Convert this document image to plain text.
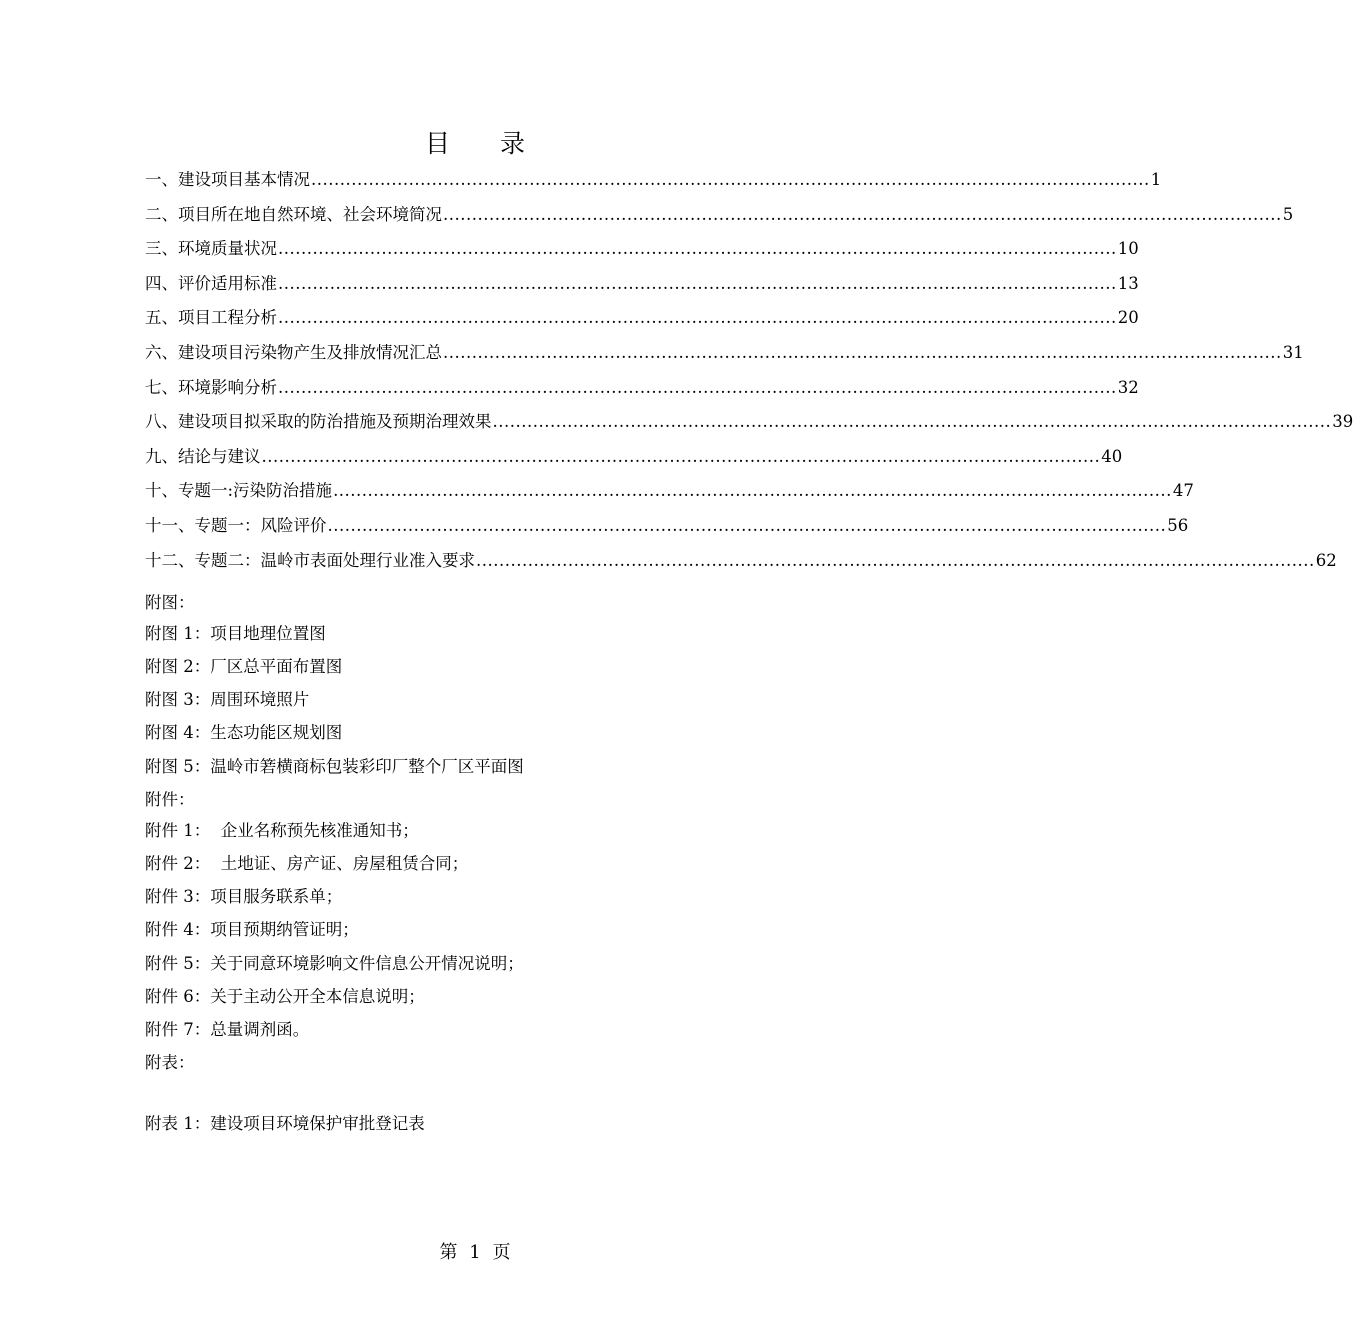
目 录
一、建设项目基本情况 .................................................................................................................................................. 1
二、项目所在地自然环境、社会环境简况 .................................................................................................................................................. 5
三、环境质量状况 .................................................................................................................................................. 10
四、评价适用标准 .................................................................................................................................................. 13
五、项目工程分析 .................................................................................................................................................. 20
六、建设项目污染物产生及排放情况汇总 .................................................................................................................................................. 31
七、环境影响分析 .................................................................................................................................................. 32
八、建设项目拟采取的防治措施及预期治理效果 .................................................................................................................................................. 39
九、结论与建议 .................................................................................................................................................. 40
十、专题一:污染防治措施 .................................................................................................................................................. 47
十一、专题一：风险评价 .................................................................................................................................................. 56
十二、专题二：温岭市表面处理行业准入要求 .................................................................................................................................................. 62
附图：
附图 1：项目地理位置图
附图 2：厂区总平面布置图
附图 3：周围环境照片
附图 4：生态功能区规划图
附图 5：温岭市箬横商标包装彩印厂整个厂区平面图
附件：
附件 1：  企业名称预先核准通知书；
附件 2：  土地证、房产证、房屋租赁合同；
附件 3：项目服务联系单；
附件 4：项目预期纳管证明；
附件 5：关于同意环境影响文件信息公开情况说明；
附件 6：关于主动公开全本信息说明；
附件 7：总量调剂函。
附表：
附表 1：建设项目环境保护审批登记表
第 1 页
